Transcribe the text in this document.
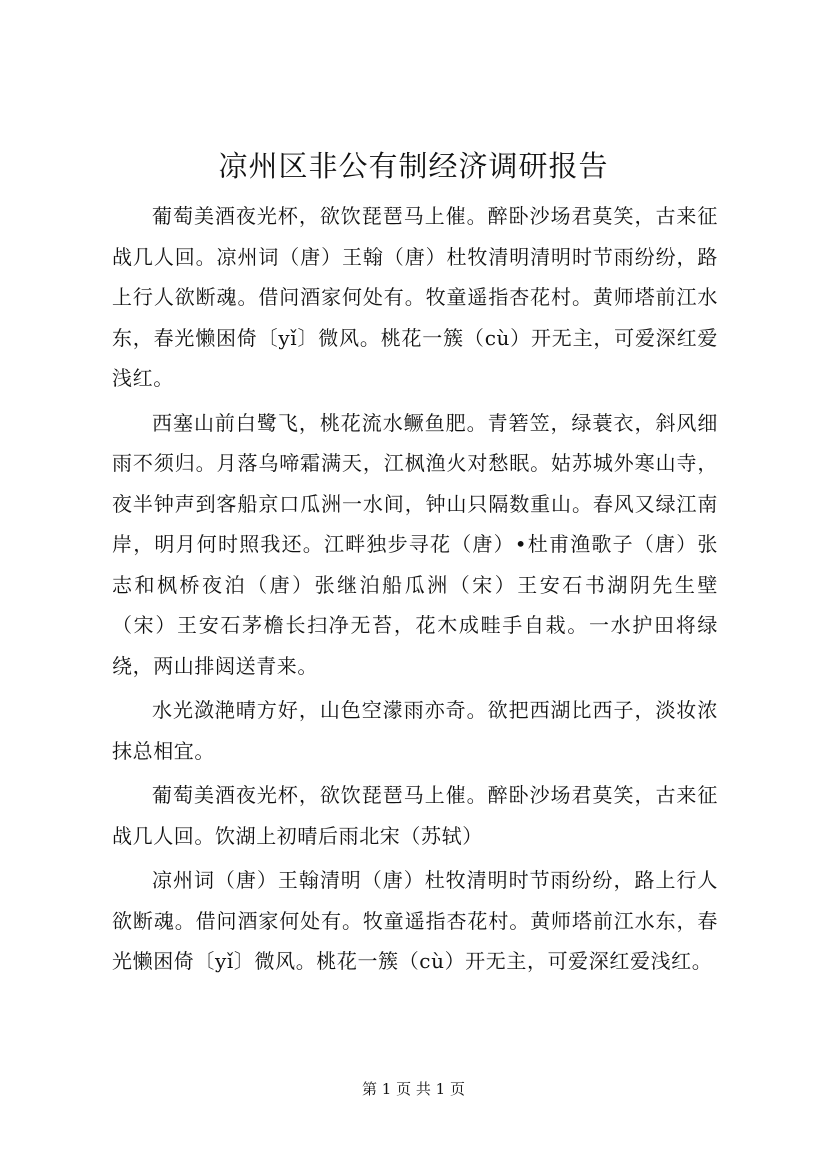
凉州区非公有制经济调研报告

葡萄美酒夜光杯，欲饮琵琶马上催。醉卧沙场君莫笑，古来征战几人回。凉州词（唐）王翰（唐）杜牧清明清明时节雨纷纷，路上行人欲断魂。借问酒家何处有。牧童遥指杏花村。黄师塔前江水东，春光懒困倚〔yǐ〕微风。桃花一簇（cù）开无主，可爱深红爱浅红。

西塞山前白鹭飞，桃花流水鳜鱼肥。青箬笠，绿蓑衣，斜风细雨不须归。月落乌啼霜满天，江枫渔火对愁眠。姑苏城外寒山寺，夜半钟声到客船京口瓜洲一水间，钟山只隔数重山。春风又绿江南岸，明月何时照我还。江畔独步寻花（唐）•杜甫渔歌子（唐）张志和枫桥夜泊（唐）张继泊船瓜洲（宋）王安石书湖阴先生壁（宋）王安石茅檐长扫净无苔，花木成畦手自栽。一水护田将绿绕，两山排闼送青来。

水光潋滟晴方好，山色空濛雨亦奇。欲把西湖比西子，淡妆浓抹总相宜。

葡萄美酒夜光杯，欲饮琵琶马上催。醉卧沙场君莫笑，古来征战几人回。饮湖上初晴后雨北宋（苏轼）

凉州词（唐）王翰清明（唐）杜牧清明时节雨纷纷，路上行人欲断魂。借问酒家何处有。牧童遥指杏花村。黄师塔前江水东，春光懒困倚〔yǐ〕微风。桃花一簇（cù）开无主，可爱深红爱浅红。

第 1 页 共 1 页
